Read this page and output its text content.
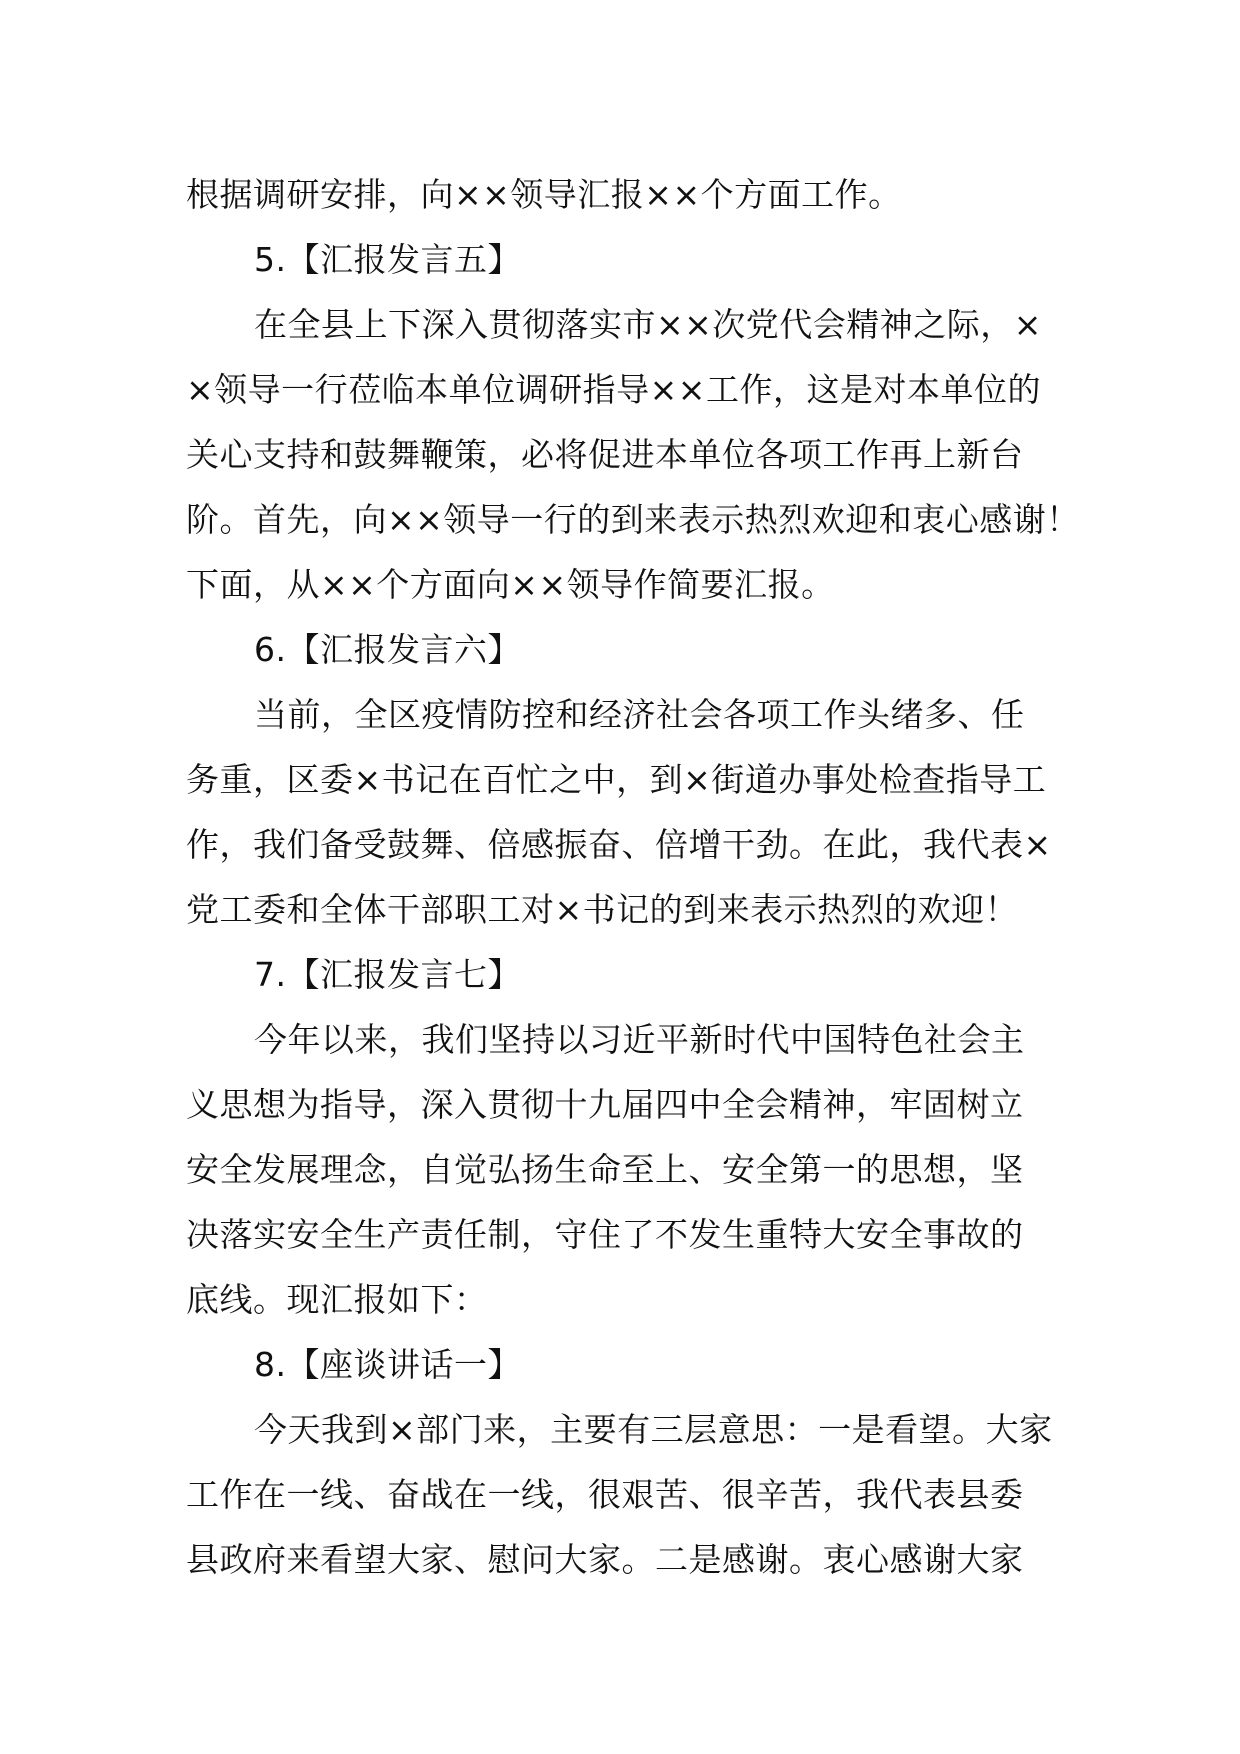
根据调研安排，向××领导汇报××个方面工作。
5.【汇报发言五】
在全县上下深入贯彻落实市××次党代会精神之际，×
×领导一行莅临本单位调研指导××工作，这是对本单位的
关心支持和鼓舞鞭策，必将促进本单位各项工作再上新台
阶。首先，向××领导一行的到来表示热烈欢迎和衷心感谢！
下面，从××个方面向××领导作简要汇报。
6.【汇报发言六】
当前，全区疫情防控和经济社会各项工作头绪多、任
务重，区委×书记在百忙之中，到×街道办事处检查指导工
作，我们备受鼓舞、倍感振奋、倍增干劲。在此，我代表×
党工委和全体干部职工对×书记的到来表示热烈的欢迎！
7.【汇报发言七】
今年以来，我们坚持以习近平新时代中国特色社会主
义思想为指导，深入贯彻十九届四中全会精神，牢固树立
安全发展理念，自觉弘扬生命至上、安全第一的思想，坚
决落实安全生产责任制，守住了不发生重特大安全事故的
底线。现汇报如下：
8.【座谈讲话一】
今天我到×部门来，主要有三层意思：一是看望。大家
工作在一线、奋战在一线，很艰苦、很辛苦，我代表县委
县政府来看望大家、慰问大家。二是感谢。衷心感谢大家
